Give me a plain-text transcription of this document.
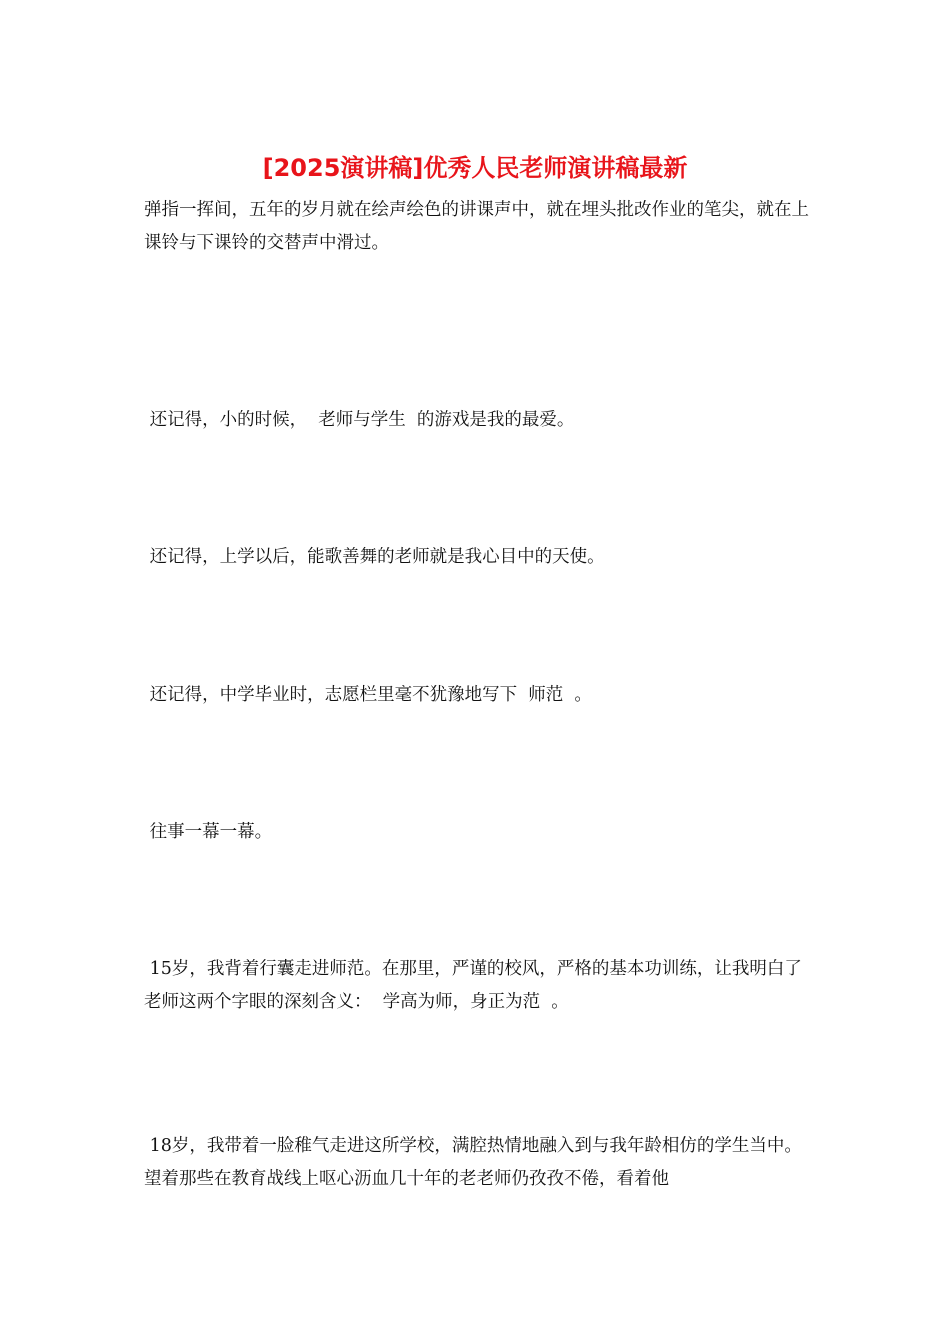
[2025演讲稿]优秀人民老师演讲稿最新

弹指一挥间，五年的岁月就在绘声绘色的讲课声中，就在埋头批改作业的笔尖，就在上课铃与下课铃的交替声中滑过。

还记得，小的时候，  老师与学生  的游戏是我的最爱。

还记得，上学以后，能歌善舞的老师就是我心目中的天使。

还记得，中学毕业时，志愿栏里毫不犹豫地写下  师范  。

往事一幕一幕。

15岁，我背着行囊走进师范。在那里，严谨的校风，严格的基本功训练，让我明白了老师这两个字眼的深刻含义：  学高为师，身正为范  。

18岁，我带着一脸稚气走进这所学校，满腔热情地融入到与我年龄相仿的学生当中。望着那些在教育战线上呕心沥血几十年的老老师仍孜孜不倦，看着他
